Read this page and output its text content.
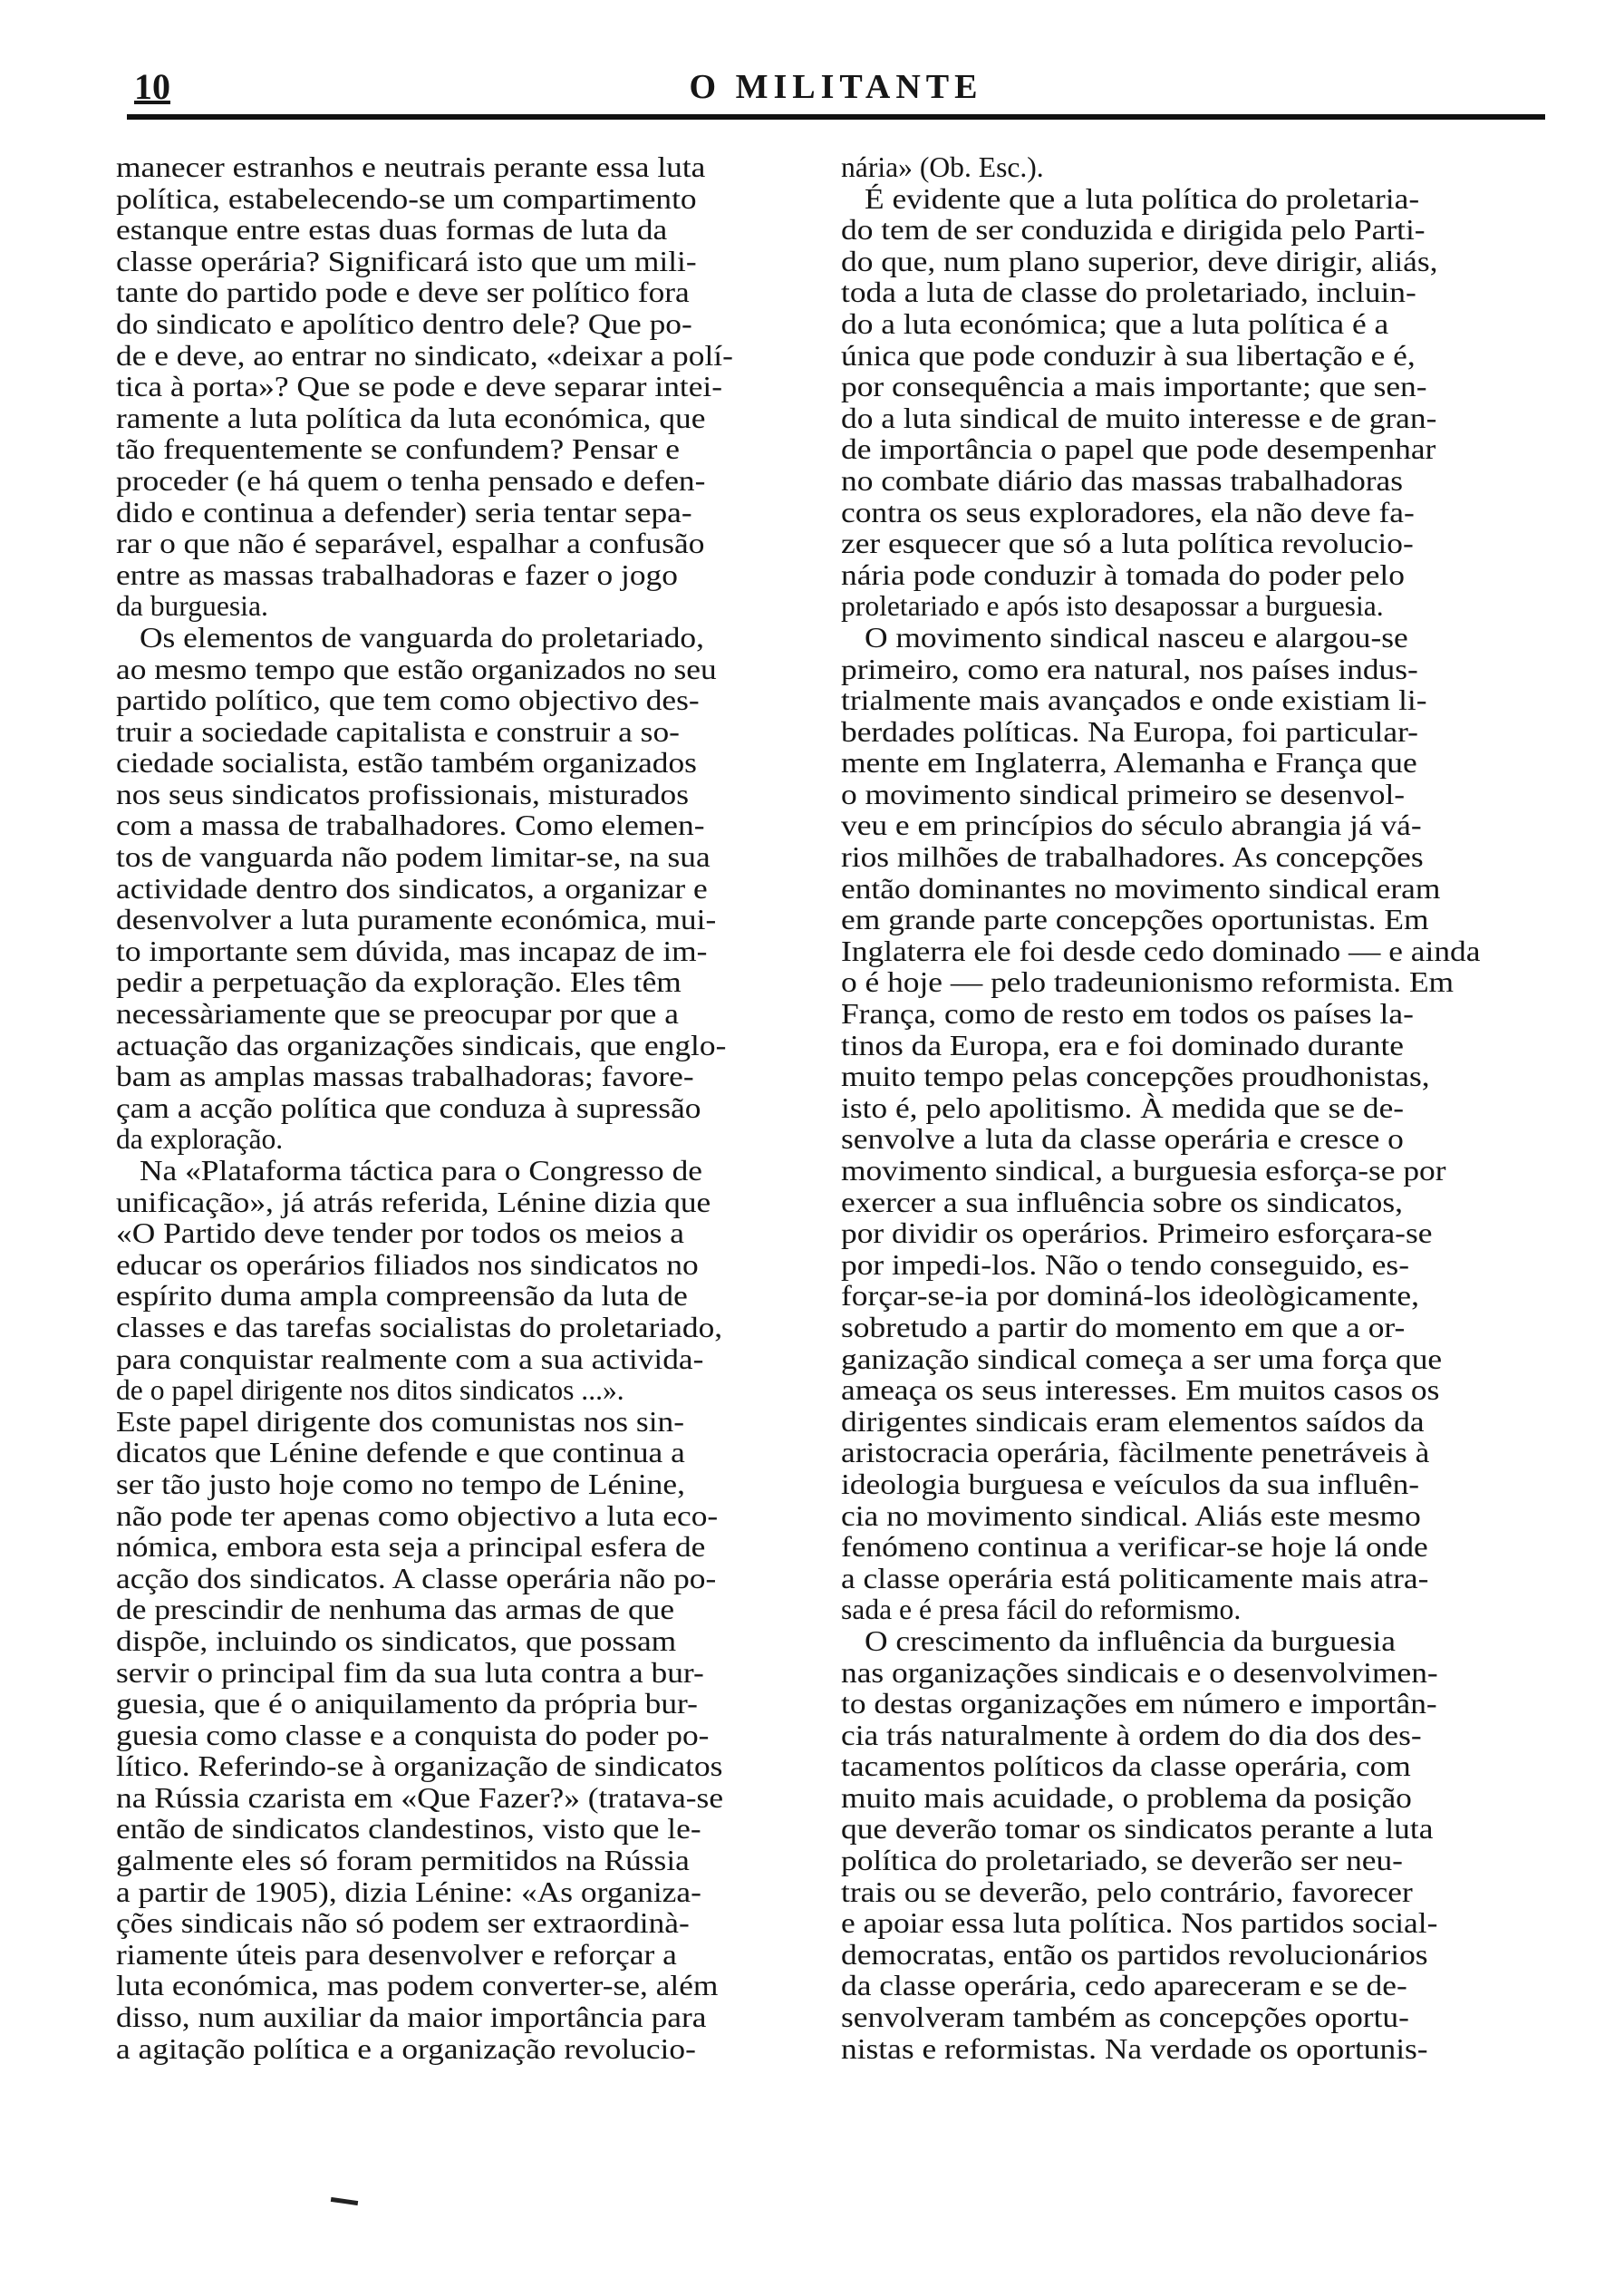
10	O MILITANTE
manecer estranhos e neutrais perante essa luta
política, estabelecendo-se um compartimento
estanque entre estas duas formas de luta da
classe operária? Significará isto que um mili-
tante do partido pode e deve ser político fora
do sindicato e apolítico dentro dele? Que po-
de e deve, ao entrar no sindicato, «deixar a polí-
tica à porta»? Que se pode e deve separar intei-
ramente a luta política da luta económica, que
tão frequentemente se confundem? Pensar e
proceder (e há quem o tenha pensado e defen-
dido e continua a defender) seria tentar sepa-
rar o que não é separável, espalhar a confusão
entre as massas trabalhadoras e fazer o jogo
da burguesia.
Os elementos de vanguarda do proletariado,
ao mesmo tempo que estão organizados no seu
partido político, que tem como objectivo des-
truir a sociedade capitalista e construir a so-
ciedade socialista, estão também organizados
nos seus sindicatos profissionais, misturados
com a massa de trabalhadores. Como elemen-
tos de vanguarda não podem limitar-se, na sua
actividade dentro dos sindicatos, a organizar e
desenvolver a luta puramente económica, mui-
to importante sem dúvida, mas incapaz de im-
pedir a perpetuação da exploração. Eles têm
necessàriamente que se preocupar por que a
actuação das organizações sindicais, que englo-
bam as amplas massas trabalhadoras; favore-
çam a acção política que conduza à supressão
da exploração.
Na «Plataforma táctica para o Congresso de
unificação», já atrás referida, Lénine dizia que
«O Partido deve tender por todos os meios a
educar os operários filiados nos sindicatos no
espírito duma ampla compreensão da luta de
classes e das tarefas socialistas do proletariado,
para conquistar realmente com a sua activida-
de o papel dirigente nos ditos sindicatos ...».
Este papel dirigente dos comunistas nos sin-
dicatos que Lénine defende e que continua a
ser tão justo hoje como no tempo de Lénine,
não pode ter apenas como objectivo a luta eco-
nómica, embora esta seja a principal esfera de
acção dos sindicatos. A classe operária não po-
de prescindir de nenhuma das armas de que
dispõe, incluindo os sindicatos, que possam
servir o principal fim da sua luta contra a bur-
guesia, que é o aniquilamento da própria bur-
guesia como classe e a conquista do poder po-
lítico. Referindo-se à organização de sindicatos
na Rússia czarista em «Que Fazer?» (tratava-se
então de sindicatos clandestinos, visto que le-
galmente eles só foram permitidos na Rússia
a partir de 1905), dizia Lénine: «As organiza-
ções sindicais não só podem ser extraordinà-
riamente úteis para desenvolver e reforçar a
luta económica, mas podem converter-se, além
disso, num auxiliar da maior importância para
a agitação política e a organização revolucio-
nária» (Ob. Esc.).
É evidente que a luta política do proletaria-
do tem de ser conduzida e dirigida pelo Parti-
do que, num plano superior, deve dirigir, aliás,
toda a luta de classe do proletariado, incluin-
do a luta económica; que a luta política é a
única que pode conduzir à sua libertação e é,
por consequência a mais importante; que sen-
do a luta sindical de muito interesse e de gran-
de importância o papel que pode desempenhar
no combate diário das massas trabalhadoras
contra os seus exploradores, ela não deve fa-
zer esquecer que só a luta política revolucio-
nária pode conduzir à tomada do poder pelo
proletariado e após isto desapossar a burguesia.
O movimento sindical nasceu e alargou-se
primeiro, como era natural, nos países indus-
trialmente mais avançados e onde existiam li-
berdades políticas. Na Europa, foi particular-
mente em Inglaterra, Alemanha e França que
o movimento sindical primeiro se desenvol-
veu e em princípios do século abrangia já vá-
rios milhões de trabalhadores. As concepções
então dominantes no movimento sindical eram
em grande parte concepções oportunistas. Em
Inglaterra ele foi desde cedo dominado — e ainda
o é hoje — pelo tradeunionismo reformista. Em
França, como de resto em todos os países la-
tinos da Europa, era e foi dominado durante
muito tempo pelas concepções proudhonistas,
isto é, pelo apolitismo. À medida que se de-
senvolve a luta da classe operária e cresce o
movimento sindical, a burguesia esforça-se por
exercer a sua influência sobre os sindicatos,
por dividir os operários. Primeiro esforçara-se
por impedi-los. Não o tendo conseguido, es-
forçar-se-ia por dominá-los ideològicamente,
sobretudo a partir do momento em que a or-
ganização sindical começa a ser uma força que
ameaça os seus interesses. Em muitos casos os
dirigentes sindicais eram elementos saídos da
aristocracia operária, fàcilmente penetráveis à
ideologia burguesa e veículos da sua influên-
cia no movimento sindical. Aliás este mesmo
fenómeno continua a verificar-se hoje lá onde
a classe operária está politicamente mais atra-
sada e é presa fácil do reformismo.
O crescimento da influência da burguesia
nas organizações sindicais e o desenvolvimen-
to destas organizações em número e importân-
cia trás naturalmente à ordem do dia dos des-
tacamentos políticos da classe operária, com
muito mais acuidade, o problema da posição
que deverão tomar os sindicatos perante a luta
política do proletariado, se deverão ser neu-
trais ou se deverão, pelo contrário, favorecer
e apoiar essa luta política. Nos partidos social-
democratas, então os partidos revolucionários
da classe operária, cedo apareceram e se de-
senvolveram também as concepções oportu-
nistas e reformistas. Na verdade os oportunis-
